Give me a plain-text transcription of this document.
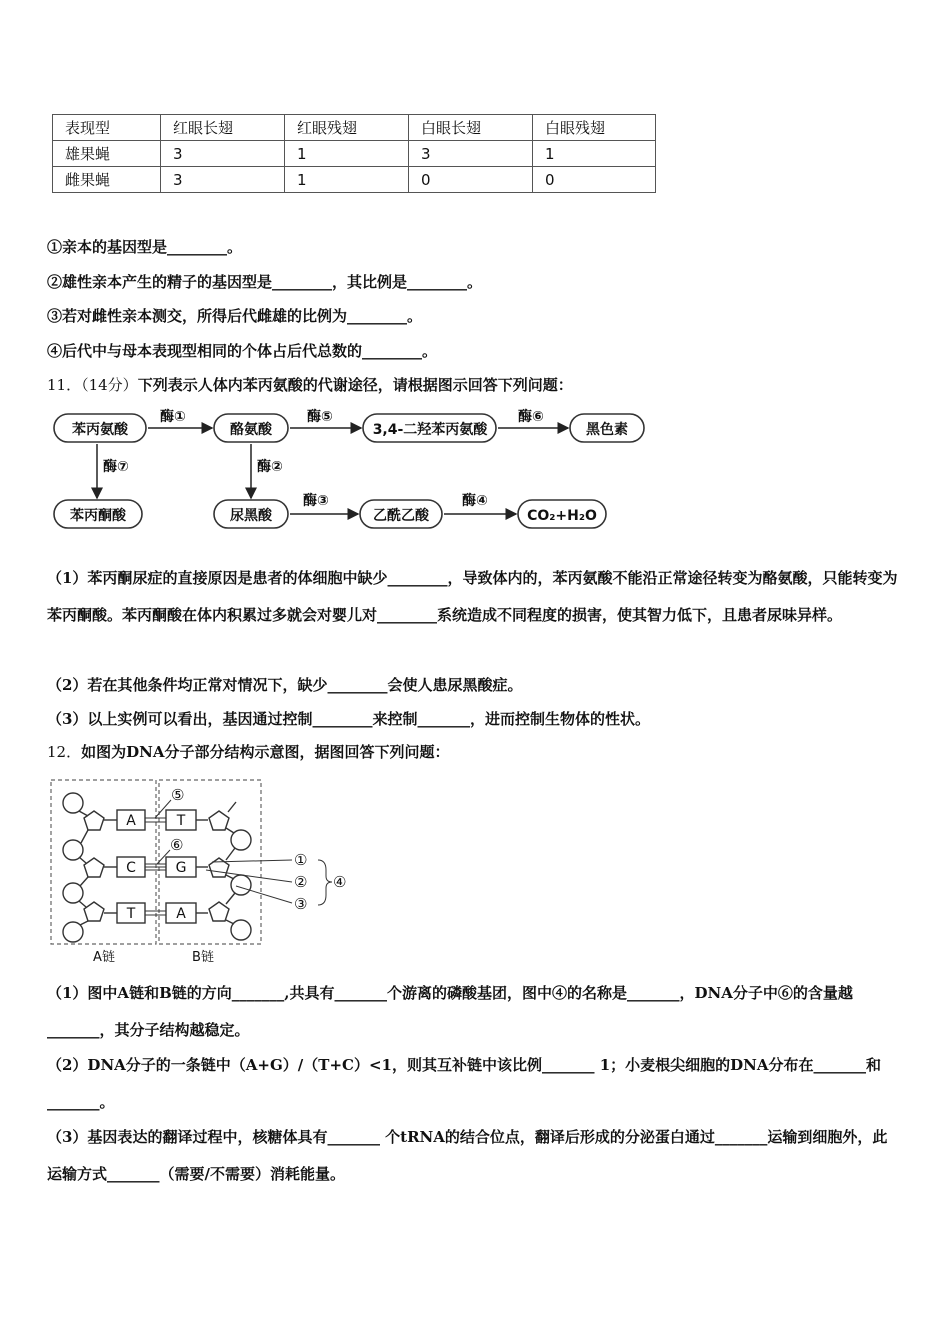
表现型	红眼长翅	红眼残翅	白眼长翅	白眼残翅
雄果蝇	3	1	3	1
雌果蝇	3	1	0	0
①亲本的基因型是________。
②雄性亲本产生的精子的基因型是________，其比例是________。
③若对雌性亲本测交，所得后代雌雄的比例为________。
④后代中与母本表现型相同的个体占后代总数的________。
11．（14分）下列表示人体内苯丙氨酸的代谢途径，请根据图示回答下列问题：
苯丙氨酸	酪氨酸	3,4-二羟苯丙氨酸	黑色素
苯丙酮酸	尿黑酸	乙酰乙酸	CO₂+H₂O
酶①	酶⑤	酶⑥
酶⑦	酶②
酶③	酶④
A
C
T
T
G
A
⑤
⑥
①
②
③
④
A链	B链
（1）苯丙酮尿症的直接原因是患者的体细胞中缺少________，导致体内的，苯丙氨酸不能沿正常途径转变为酪氨酸，只能转变为苯丙酮酸。苯丙酮酸在体内积累过多就会对婴儿对________系统造成不同程度的损害，使其智力低下，且患者尿味异样。
（2）若在其他条件均正常对情况下，缺少________会使人患尿黑酸症。
（3）以上实例可以看出，基因通过控制________来控制_______，进而控制生物体的性状。
12．如图为DNA分子部分结构示意图，据图回答下列问题：
（1）图中A链和B链的方向_______,共具有_______个游离的磷酸基团，图中④的名称是_______，DNA分子中⑥的含量越_______，其分子结构越稳定。
（2）DNA分子的一条链中（A+G）/（T+C）<1，则其互补链中该比例_______ 1；小麦根尖细胞的DNA分布在_______和_______。
（3）基因表达的翻译过程中，核糖体具有_______ 个tRNA的结合位点，翻译后形成的分泌蛋白通过_______运输到细胞外，此运输方式_______（需要/不需要）消耗能量。
